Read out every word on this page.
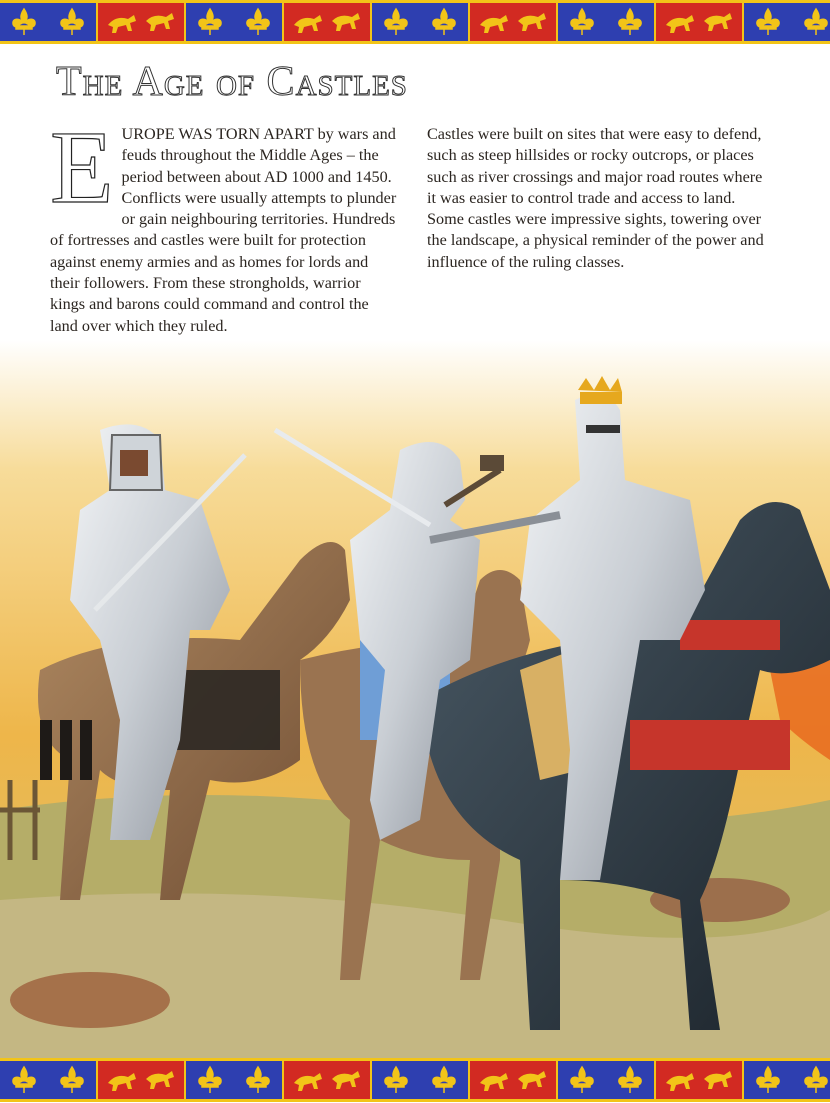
The Age of Castles
E UROPE WAS TORN APART by wars and feuds throughout the Middle Ages – the period between about AD 1000 and 1450. Conflicts were usually attempts to plunder or gain neighbouring territories. Hundreds of fortresses and castles were built for protection against enemy armies and as homes for lords and their followers. From these strongholds, warrior kings and barons could command and control the land over which they ruled.
Castles were built on sites that were easy to defend, such as steep hillsides or rocky outcrops, or places such as river crossings and major road routes where it was easier to control trade and access to land. Some castles were impressive sights, towering over the landscape, a physical reminder of the power and influence of the ruling classes.
